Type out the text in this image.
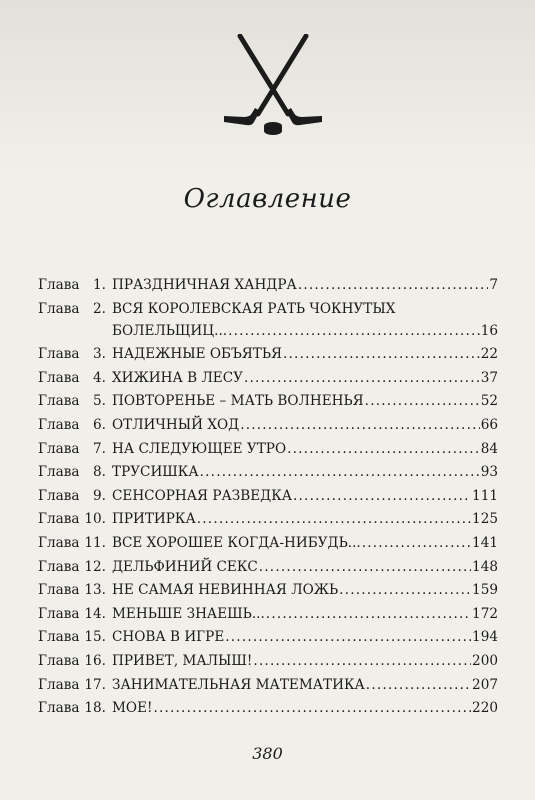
Оглавление
Глава 1. ПРАЗДНИЧНАЯ ХАНДРА .....	7
Глава 2. ВСЯ КОРОЛЕВСКАЯ РАТЬ ЧОКНУТЫХ
БОЛЕЛЬЩИЦ... .....	16
Глава 3. НАДЕЖНЫЕ ОБЪЯТЬЯ .....	22
Глава 4. ХИЖИНА В ЛЕСУ .....	37
Глава 5. ПОВТОРЕНЬЕ – МАТЬ ВОЛНЕНЬЯ .....	52
Глава 6. ОТЛИЧНЫЙ ХОД .....	66
Глава 7. НА СЛЕДУЮЩЕЕ УТРО .....	84
Глава 8. ТРУСИШКА .....	93
Глава 9. СЕНСОРНАЯ РАЗВЕДКА .....	111
Глава 10. ПРИТИРКА .....	125
Глава 11. ВСЕ ХОРОШЕЕ КОГДА-НИБУДЬ... .....	141
Глава 12. ДЕЛЬФИНИЙ СЕКС .....	148
Глава 13. НЕ САМАЯ НЕВИННАЯ ЛОЖЬ .....	159
Глава 14. МЕНЬШЕ ЗНАЕШЬ... .....	172
Глава 15. СНОВА В ИГРЕ .....	194
Глава 16. ПРИВЕТ, МАЛЫШ! .....	200
Глава 17. ЗАНИМАТЕЛЬНАЯ МАТЕМАТИКА .....	207
Глава 18. МОЕ! .....	220
380
